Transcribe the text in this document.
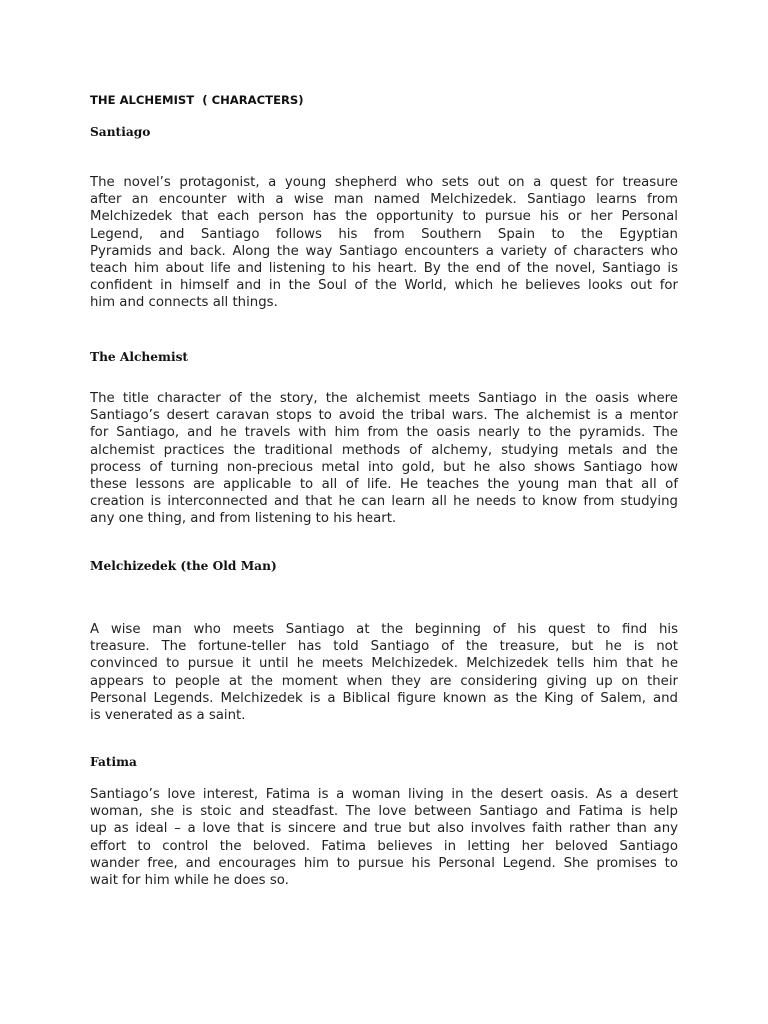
THE ALCHEMIST  ( CHARACTERS)
Santiago
The novel’s protagonist, a young shepherd who sets out on a quest for treasure
after an encounter with a wise man named Melchizedek. Santiago learns from
Melchizedek that each person has the opportunity to pursue his or her Personal
Legend, and Santiago follows his from Southern Spain to the Egyptian
Pyramids and back. Along the way Santiago encounters a variety of characters who
teach him about life and listening to his heart. By the end of the novel, Santiago is
confident in himself and in the Soul of the World, which he believes looks out for
him and connects all things.
The Alchemist
The title character of the story, the alchemist meets Santiago in the oasis where
Santiago’s desert caravan stops to avoid the tribal wars. The alchemist is a mentor
for Santiago, and he travels with him from the oasis nearly to the pyramids. The
alchemist practices the traditional methods of alchemy, studying metals and the
process of turning non-precious metal into gold, but he also shows Santiago how
these lessons are applicable to all of life. He teaches the young man that all of
creation is interconnected and that he can learn all he needs to know from studying
any one thing, and from listening to his heart.
Melchizedek (the Old Man)
A wise man who meets Santiago at the beginning of his quest to find his
treasure. The fortune-teller has told Santiago of the treasure, but he is not
convinced to pursue it until he meets Melchizedek. Melchizedek tells him that he
appears to people at the moment when they are considering giving up on their
Personal Legends. Melchizedek is a Biblical figure known as the King of Salem, and
is venerated as a saint.
Fatima
Santiago’s love interest, Fatima is a woman living in the desert oasis. As a desert
woman, she is stoic and steadfast. The love between Santiago and Fatima is help
up as ideal – a love that is sincere and true but also involves faith rather than any
effort to control the beloved. Fatima believes in letting her beloved Santiago
wander free, and encourages him to pursue his Personal Legend. She promises to
wait for him while he does so.
